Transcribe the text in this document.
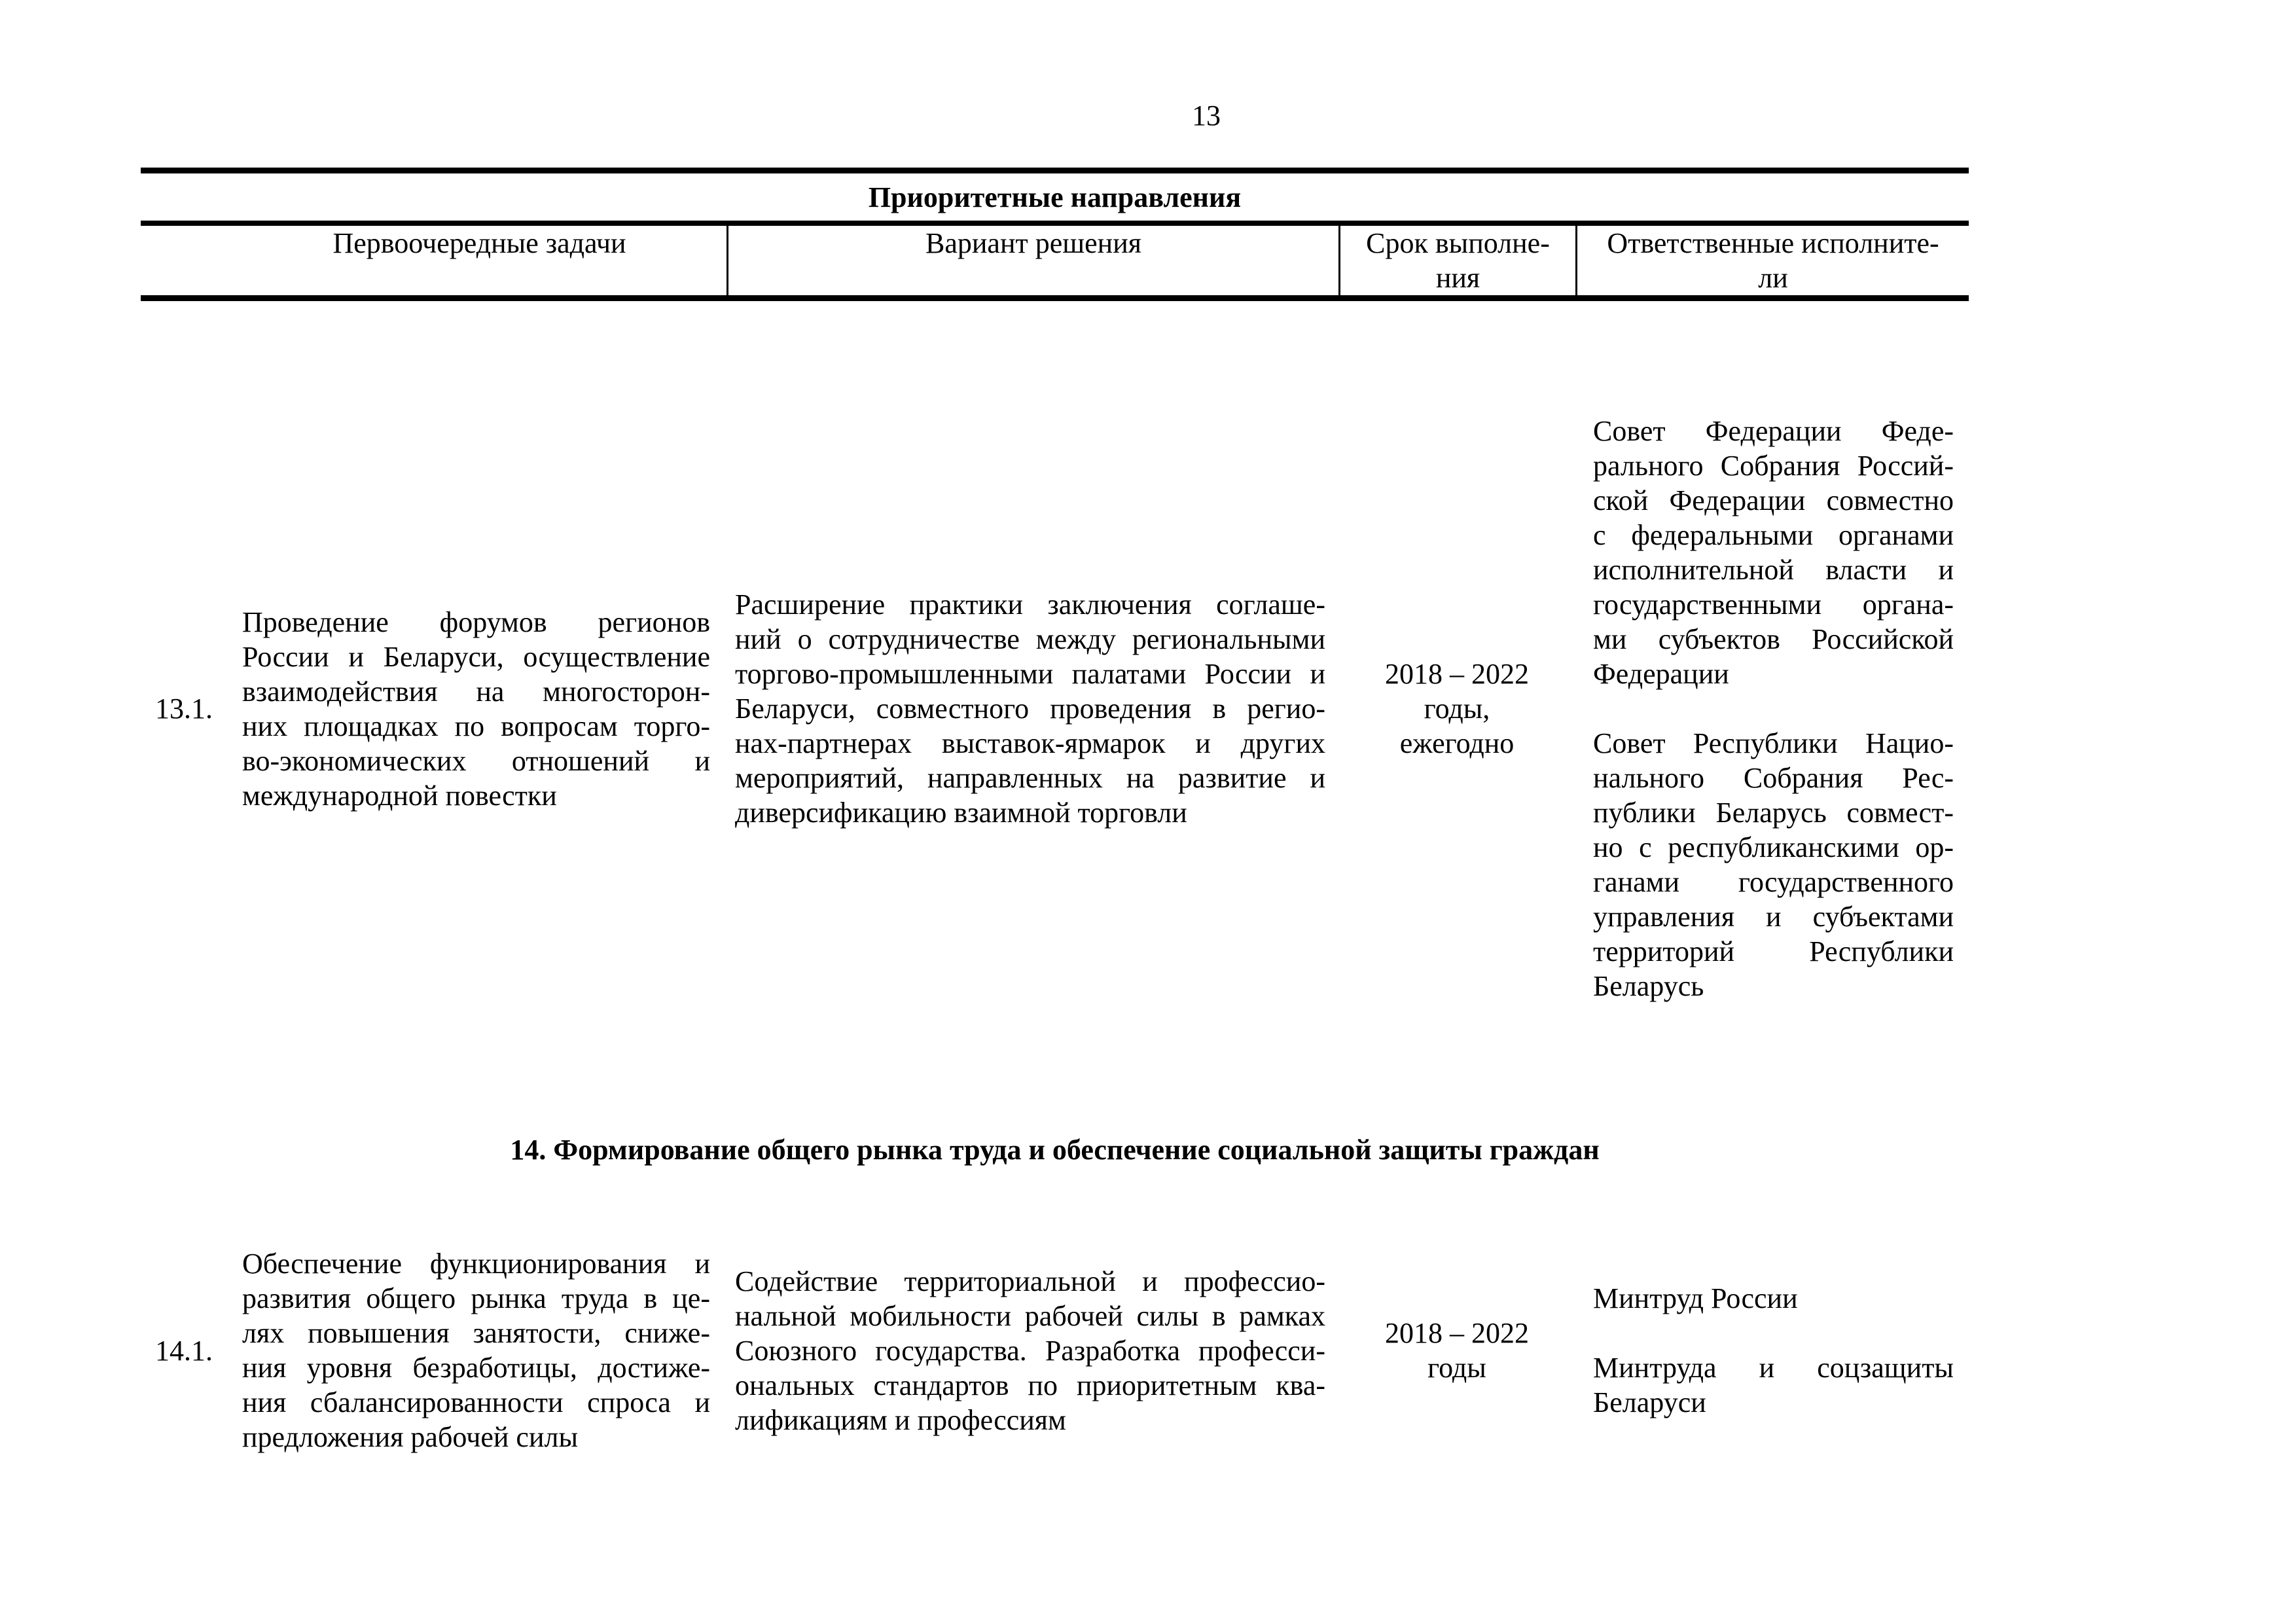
13
Приоритетные направления
Первоочередные задачи	Вариант решения	Срок выполне-
ния
Ответственные исполните-
ли
13.1.
Проведение форумов регионов
России и Беларуси, осуществление
взаимодействия на многосторон-
них площадках по вопросам торго-
во-экономических отношений и
международной повестки
Расширение практики заключения соглаше-
ний о сотрудничестве между региональными
торгово-промышленными палатами России и
Беларуси, совместного проведения в регио-
нах-партнерах выставок-ярмарок и других
мероприятий, направленных на развитие и
диверсификацию взаимной торговли
2018 – 2022
годы,
ежегодно
Совет Федерации Феде-
рального Собрания Россий-
ской Федерации совместно
с федеральными органами
исполнительной власти и
государственными органа-
ми субъектов Российской
Федерации

Совет Республики Нацио-
нального Собрания Рес-
публики Беларусь совмест-
но с республиканскими ор-
ганами государственного
управления и субъектами
территорий Республики
Беларусь
14. Формирование общего рынка труда и обеспечение социальной защиты граждан
14.1.
Обеспечение функционирования и
развития общего рынка труда в це-
лях повышения занятости, сниже-
ния уровня безработицы, достиже-
ния сбалансированности спроса и
предложения рабочей силы
Содействие территориальной и профессио-
нальной мобильности рабочей силы в рамках
Союзного государства. Разработка професси-
ональных стандартов по приоритетным ква-
лификациям и профессиям
2018 – 2022
годы
Минтруд России

Минтруда и соцзащиты
Беларуси
